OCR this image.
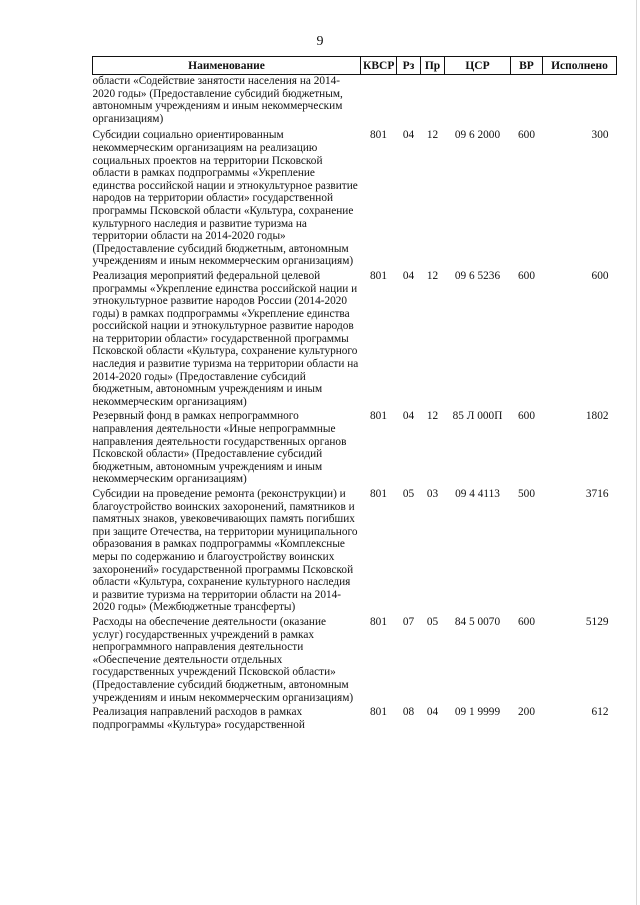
9
Наименование	КВСР	Рз	Пр	ЦСР	ВР	Исполнено
области «Содействие занятости населения на 2014-2020 годы» (Предоставление субсидий бюджетным, автономным учреждениям и иным некоммерческим организациям)						
Субсидии социально ориентированным некоммерческим организациям на реализацию социальных проектов на территории Псковской области в рамках подпрограммы «Укрепление единства российской нации и этнокультурное развитие народов на территории области» государственной программы Псковской области «Культура, сохранение культурного наследия и развитие туризма на территории области на 2014-2020 годы» (Предоставление субсидий бюджетным, автономным учреждениям и иным некоммерческим организациям)	801	04	12	09 6 2000	600	300
Реализация мероприятий федеральной целевой программы «Укрепление единства российской нации и этнокультурное развитие народов России (2014-2020 годы) в рамках подпрограммы «Укрепление единства российской нации и этнокультурное развитие народов на территории области» государственной программы Псковской области «Культура, сохранение культурного наследия и развитие туризма на территории области на 2014-2020 годы» (Предоставление субсидий бюджетным, автономным учреждениям и иным некоммерческим организациям)	801	04	12	09 6 5236	600	600
Резервный фонд в рамках непрограммного направления деятельности «Иные непрограммные направления деятельности государственных органов Псковской области» (Предоставление субсидий бюджетным, автономным учреждениям и иным некоммерческим организациям)	801	04	12	85 Л 000П	600	1802
Субсидии на проведение ремонта (реконструкции) и благоустройство воинских захоронений, памятников и памятных знаков, увековечивающих память погибших при защите Отечества, на территории муниципального образования в рамках подпрограммы «Комплексные меры по содержанию и благоустройству воинских захоронений» государственной программы Псковской области «Культура, сохранение культурного наследия и развитие туризма на территории области на 2014-2020 годы» (Межбюджетные трансферты)	801	05	03	09 4 4113	500	3716
Расходы на обеспечение деятельности (оказание услуг) государственных учреждений в рамках непрограммного направления деятельности «Обеспечение деятельности отдельных государственных учреждений Псковской области» (Предоставление субсидий бюджетным, автономным учреждениям и иным некоммерческим организациям)	801	07	05	84 5 0070	600	5129
Реализация направлений расходов в рамках подпрограммы «Культура» государственной	801	08	04	09 1 9999	200	612
